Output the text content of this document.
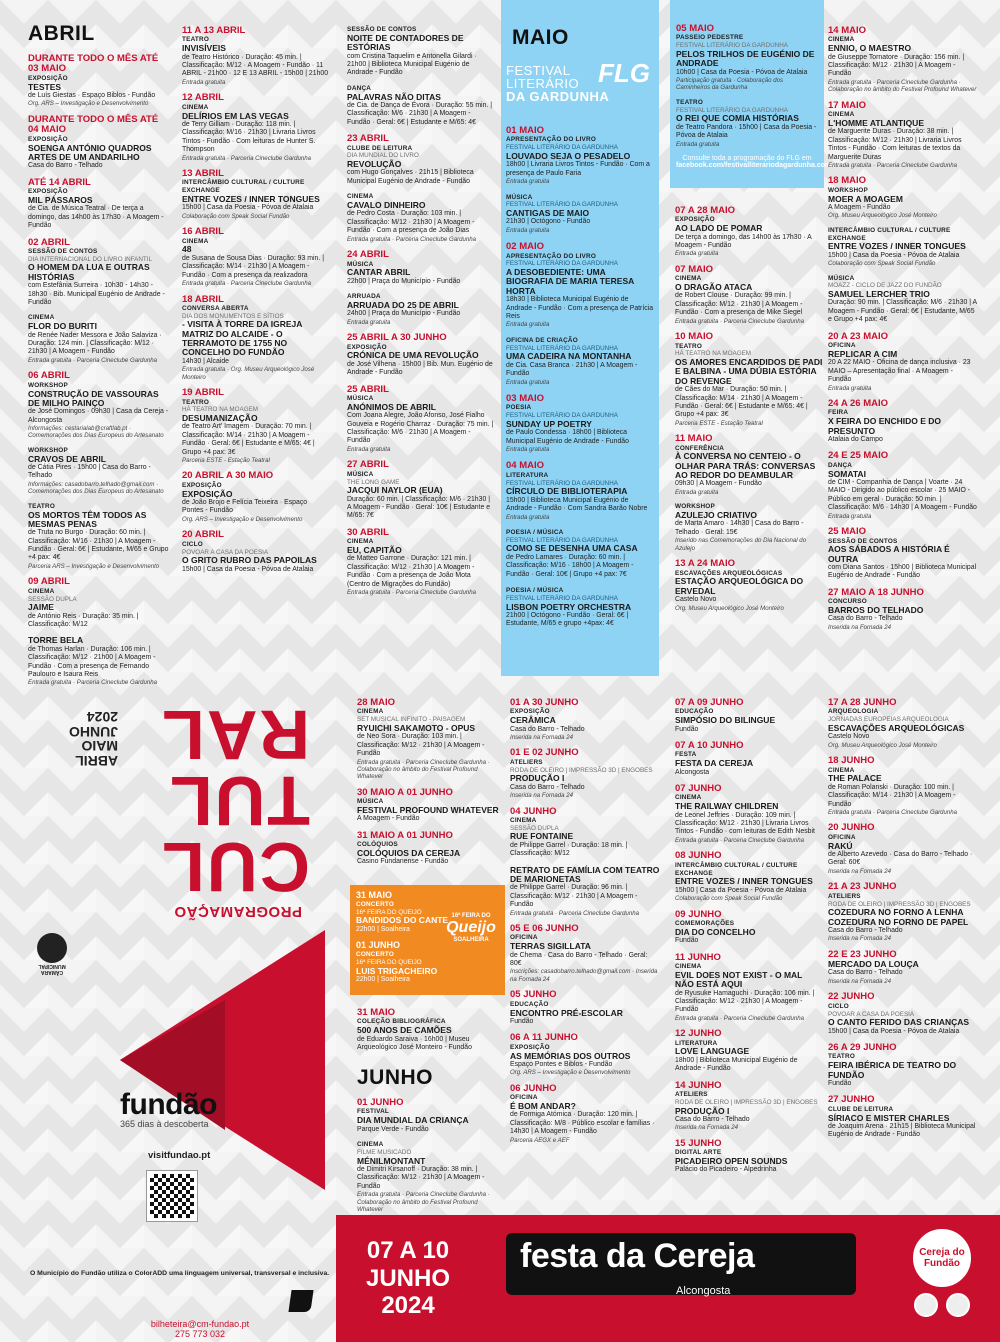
ABRIL
DURANTE TODO O MÊS ATÉ 03 MAIO
EXPOSIÇÃO
TESTES
de Luís Giestas · Espaço Biblos - Fundão
Org. ARS – Investigação e Desenvolvimento
DURANTE TODO O MÊS ATÉ 04 MAIO
EXPOSIÇÃO
SOENGA ANTÓNIO QUADROS ARTES DE UM ANDARILHO
Casa do Barro - Telhado
ATÉ 14 ABRIL
EXPOSIÇÃO
MIL PÁSSAROS
de Cia. de Música Teatral · De terça a domingo, das 14h00 às 17h30 · A Moagem - Fundão
02 ABRIL
SESSÃO DE CONTOS
DIA INTERNACIONAL DO LIVRO INFANTIL
O HOMEM DA LUA E OUTRAS HISTÓRIAS
com Estefânia Surreira · 10h30 - 14h30 - 18h30 · Bib. Municipal Eugénio de Andrade - Fundão
CINEMA
FLOR DO BURITI
de Renée Nader Messora e João Salaviza · Duração: 124 min. | Classificação: M/12 · 21h30 | A Moagem - Fundão
Entrada gratuita · Parceria Cineclube Gardunha
06 ABRIL
WORKSHOP
CONSTRUÇÃO DE VASSOURAS DE MILHO PAINÇO
de José Domingos · 09h30 | Casa da Cereja - Alcongosta
Informações: cestarialab@craftlab.pt · Comemorações dos Dias Europeus do Artesanato
WORKSHOP
CRAVOS DE ABRIL
de Cátia Pires · 15h00 | Casa do Barro - Telhado
Informações: casadobarro.telhado@gmail.com · Comemorações dos Dias Europeus do Artesanato
TEATRO
OS MORTOS TÊM TODOS AS MESMAS PENAS
de Truta no Burgo · Duração: 60 min. | Classificação: M/16 · 21h30 | A Moagem - Fundão · Geral: 6€ | Estudante, M/65 e Grupo +4 pax: 4€
Parceria ARS – Investigação e Desenvolvimento
09 ABRIL
CINEMA
SESSÃO DUPLA
JAIME
de António Reis · Duração: 35 min. | Classificação: M/12
TORRE BELA
de Thomas Harlan · Duração: 106 min. | Classificação: M/12 · 21h00 | A Moagem - Fundão · Com a presença de Fernando Paulouro e Isaura Reis
Entrada gratuita · Parceria Cineclube Gardunha
11 A 13 ABRIL
TEATRO
INVISÍVEIS
de Teatro Histórico · Duração: 45 min. | Classificação: M/12 · A Moagem - Fundão · 11 ABRIL - 21h00 · 12 E 13 ABRIL - 15h00 | 21h00
Entrada gratuita
12 ABRIL
CINEMA
DELÍRIOS EM LAS VEGAS
de Terry Gilliam · Duração: 118 min. | Classificação: M/16 · 21h30 | Livraria Livros Tintos - Fundão · Com leituras de Hunter S. Thompson
Entrada gratuita · Parceria Cineclube Gardunha
13 ABRIL
INTERCÂMBIO CULTURAL / CULTURE EXCHANGE
ENTRE VOZES / INNER TONGUES
15h00 | Casa da Poesia - Póvoa de Atalaia
Colaboração com Speak Social Fundão
16 ABRIL
CINEMA
48
de Susana de Sousa Dias · Duração: 93 min. | Classificação: M/14 · 21h30 | A Moagem - Fundão · Com a presença da realizadora
Entrada gratuita · Parceria Cineclube Gardunha
18 ABRIL
CONVERSA ABERTA
DIA DOS MONUMENTOS E SÍTIOS
- VISITA À TORRE DA IGREJA MATRIZ DO ALCAIDE - O TERRAMOTO DE 1755 NO CONCELHO DO FUNDÃO
14h30 | Alcaide
Entrada gratuita · Org. Museu Arqueológico José Monteiro
19 ABRIL
TEATRO
HÁ TEATRO NA MOAGEM
DESUMANIZAÇÃO
de Teatro Art' Imagem · Duração: 70 min. | Classificação: M/14 · 21h30 | A Moagem - Fundão · Geral: 6€ | Estudante e M/65: 4€ | Grupo +4 pax: 3€
Parceria ESTE - Estação Teatral
20 ABRIL A 30 MAIO
EXPOSIÇÃO
EXPOSIÇÃO
de João Brojo e Felícia Teixeira · Espaço Pontes - Fundão
Org. ARS – Investigação e Desenvolvimento
20 ABRIL
CICLO
POVOAR A CASA DA POESIA
O GRITO RUBRO DAS PAPOILAS
15h00 | Casa da Poesia - Póvoa de Atalaia
SESSÃO DE CONTOS
NOITE DE CONTADORES DE ESTÓRIAS
com Cristina Taquelim e Antonella Gilardi · 21h00 | Biblioteca Municipal Eugénio de Andrade - Fundão
DANÇA
PALAVRAS NÃO DITAS
de Cia. de Dança de Évora · Duração: 55 min. | Classificação: M/6 · 21h30 | A Moagem - Fundão · Geral: 6€ | Estudante e M/65: 4€
23 ABRIL
CLUBE DE LEITURA
DIA MUNDIAL DO LIVRO
REVOLUÇÃO
com Hugo Gonçalves · 21h15 | Biblioteca Municipal Eugénio de Andrade - Fundão
CINEMA
CAVALO DINHEIRO
de Pedro Costa · Duração: 103 min. | Classificação: M/12 · 21h30 | A Moagem - Fundão · Com a presença de João Dias
Entrada gratuita · Parceria Cineclube Gardunha
24 ABRIL
MÚSICA
CANTAR ABRIL
22h00 | Praça do Município - Fundão
ARRUADA
ARRUADA DO 25 DE ABRIL
24h00 | Praça do Município - Fundão
Entrada gratuita
25 ABRIL A 30 JUNHO
EXPOSIÇÃO
CRÓNICA DE UMA REVOLUÇÃO
de José Vilhena · 15h00 | Bib. Mun. Eugénio de Andrade - Fundão
25 ABRIL
MÚSICA
ANÓNIMOS DE ABRIL
Com Joana Alegre, João Afonso, José Fialho Gouveia e Rogério Charraz · Duração: 75 min. | Classificação: M/6 · 21h30 | A Moagem - Fundão
Entrada gratuita
27 ABRIL
MÚSICA
THE LONG GAME
JACQUI NAYLOR (EUA)
Duração: 60 min. | Classificação: M/6 · 21h30 | A Moagem - Fundão · Geral: 10€ | Estudante e M/65: 7€
30 ABRIL
CINEMA
EU, CAPITÃO
de Matteo Garrone · Duração: 121 min. | Classificação: M/12 · 21h30 | A Moagem - Fundão · Com a presença de João Mota (Centro de Migrações do Fundão)
Entrada gratuita · Parceria Cineclube Gardunha
MAIO
FESTIVAL
LITERÁRIO
DA GARDUNHA
FLG
01 MAIO
APRESENTAÇÃO DO LIVRO
FESTIVAL LITERÁRIO DA GARDUNHA
LOUVADO SEJA O PESADELO
18h00 | Livraria Livros Tintos - Fundão · Com a presença de Paulo Faria
Entrada gratuita
MÚSICA
FESTIVAL LITERÁRIO DA GARDUNHA
CANTIGAS DE MAIO
21h30 | Octógono - Fundão
Entrada gratuita
02 MAIO
APRESENTAÇÃO DO LIVRO
FESTIVAL LITERÁRIO DA GARDUNHA
A DESOBEDIENTE: UMA BIOGRAFIA DE MARIA TERESA HORTA
18h30 | Biblioteca Municipal Eugénio de Andrade - Fundão · Com a presença de Patrícia Reis
Entrada gratuita
OFICINA DE CRIAÇÃO
FESTIVAL LITERÁRIO DA GARDUNHA
UMA CADEIRA NA MONTANHA
de Cia. Casa Branca · 21h30 | A Moagem - Fundão
Entrada gratuita
03 MAIO
POESIA
FESTIVAL LITERÁRIO DA GARDUNHA
SUNDAY UP POETRY
de Paulo Condessa · 18h00 | Biblioteca Municipal Eugénio de Andrade - Fundão
Entrada gratuita
04 MAIO
LITERATURA
FESTIVAL LITERÁRIO DA GARDUNHA
CÍRCULO DE BIBLIOTERAPIA
15h00 | Biblioteca Municipal Eugénio de Andrade - Fundão · Com Sandra Barão Nobre
Entrada gratuita
POESIA / MÚSICA
FESTIVAL LITERÁRIO DA GARDUNHA
COMO SE DESENHA UMA CASA
de Pedro Lamares · Duração: 60 min. | Classificação: M/16 · 18h00 | A Moagem - Fundão · Geral: 10€ | Grupo +4 pax: 7€
POESIA / MÚSICA
FESTIVAL LITERÁRIO DA GARDUNHA
LISBON POETRY ORCHESTRA
21h00 | Octógono - Fundão · Geral: 6€ | Estudante, M/65 e grupo +4pax: 4€
05 MAIO
PASSEIO PEDESTRE
FESTIVAL LITERÁRIO DA GARDUNHA
PELOS TRILHOS DE EUGÉNIO DE ANDRADE
10h00 | Casa da Poesia - Póvoa de Atalaia
Participação gratuita · Colaboração dos Caminheiros da Gardunha
TEATRO
FESTIVAL LITERÁRIO DA GARDUNHA
O REI QUE COMIA HISTÓRIAS
de Teatro Pandora · 15h00 | Casa da Poesia - Póvoa de Atalaia
Entrada gratuita
Consulte toda a programação do FLG em
facebook.com/festivalliterariodagardunha.com
07 A 28 MAIO
EXPOSIÇÃO
AO LADO DE POMAR
De terça a domingo, das 14h00 às 17h30 · A Moagem - Fundão
Entrada gratuita
07 MAIO
CINEMA
O DRAGÃO ATACA
de Robert Clouse · Duração: 99 min. | Classificação: M/12 · 21h30 | A Moagem - Fundão · Com a presença de Mike Siegel
Entrada gratuita · Parceria Cineclube Gardunha
10 MAIO
TEATRO
HÁ TEATRO NA MOAGEM
OS AMORES ENCARDIDOS DE PADI E BALBINA - UMA DÚBIA ESTÓRIA DO REVENGE
de Cães do Mar · Duração: 50 min. | Classificação: M/14 · 21h30 | A Moagem - Fundão · Geral: 6€ | Estudante e M/65: 4€ | Grupo +4 pax: 3€
Parceria ESTE - Estação Teatral
11 MAIO
CONFERÊNCIA
À CONVERSA NO CENTEIO - O OLHAR PARA TRÁS: CONVERSAS AO REDOR DO DEAMBULAR
09h30 | A Moagem - Fundão
Entrada gratuita
WORKSHOP
AZULEJO CRIATIVO
de Marta Amaro · 14h30 | Casa do Barro - Telhado · Geral: 15€
Inserido nas Comemorações do Dia Nacional do Azulejo
13 A 24 MAIO
ESCAVAÇÕES ARQUEOLÓGICAS
ESTAÇÃO ARQUEOLÓGICA DO ERVEDAL
Castelo Novo
Org. Museu Arqueológico José Monteiro
14 MAIO
CINEMA
ENNIO, O MAESTRO
de Giuseppe Tornatore · Duração: 156 min. | Classificação: M/12 · 21h30 | A Moagem - Fundão
Entrada gratuita · Parceria Cineclube Gardunha · Colaboração no âmbito do Festival Profound Whatever
17 MAIO
CINEMA
L'HOMME ATLANTIQUE
de Marguerite Duras · Duração: 38 min. | Classificação: M/12 · 21h30 | Livraria Livros Tintos - Fundão · Com leituras de textos da Marguerite Duras
Entrada gratuita · Parceria Cineclube Gardunha
18 MAIO
WORKSHOP
MOER A MOAGEM
A Moagem - Fundão
Org. Museu Arqueológico José Monteiro
INTERCÂMBIO CULTURAL / CULTURE EXCHANGE
ENTRE VOZES / INNER TONGUES
15h00 | Casa da Poesia - Póvoa de Atalaia
Colaboração com Speak Social Fundão
MÚSICA
MOAZZ - CICLO DE JAZZ DO FUNDÃO
SAMUEL LERCHER TRIO
Duração: 90 min. | Classificação: M/6 · 21h30 | A Moagem - Fundão · Geral: 6€ | Estudante, M/65 e Grupo +4 pax: 4€
20 A 23 MAIO
OFICINA
REPLICAR A CIM
20 A 22 MAIO - Oficina de dança inclusiva · 23 MAIO – Apresentação final · A Moagem - Fundão
Entrada gratuita
24 A 26 MAIO
FEIRA
X FEIRA DO ENCHIDO E DO PRESUNTO
Atalaia do Campo
24 E 25 MAIO
DANÇA
SOMATAI
de CIM - Companhia de Dança | Voarte · 24 MAIO - Dirigido ao público escolar · 25 MAIO - Público em geral · Duração: 50 min. | Classificação: M/6 · 14h30 | A Moagem - Fundão
Entrada gratuita
25 MAIO
SESSÃO DE CONTOS
AOS SÁBADOS A HISTÓRIA É OUTRA
com Diana Santos · 15h00 | Biblioteca Municipal Eugénio de Andrade - Fundão
27 MAIO A 18 JUNHO
CONCURSO
BARROS DO TELHADO
Casa do Barro - Telhado
Inserida na Fornada 24
PROGRAMAÇÃO
CUL
TUL
RAL
ABRIL
MAIO
JUNHO
2024
CÂMARA MUNICIPAL
fundão
365 dias à descoberta
visitfundao.pt
O Município do Fundão utiliza o ColorADD uma linguagem universal, transversal e inclusiva.
bilheteira@cm-fundao.pt
275 773 032
28 MAIO
CINEMA
SET MUSICAL INFINITO - PAISAGEM
RYUICHI SAKAMOTO - OPUS
de Neo Sora · Duração: 103 min. | Classificação: M/12 · 21h30 | A Moagem - Fundão
Entrada gratuita · Parceria Cineclube Gardunha · Colaboração no âmbito do Festival Profound Whatever
30 MAIO A 01 JUNHO
MÚSICA
FESTIVAL PROFOUND WHATEVER
A Moagem - Fundão
31 MAIO A 01 JUNHO
COLÓQUIOS
COLÓQUIOS DA CEREJA
Casino Fundanense - Fundão
31 MAIO
CONCERTO
16ª FEIRA DO QUEIJO
BANDIDOS DO CANTE
22h00 | Soalheira
01 JUNHO
CONCERTO
16ª FEIRA DO QUEIJO
LUIS TRIGACHEIRO
22h00 | Soalheira
16ª FEIRA DO
Queijo
SOALHEIRA
31 MAIO
COLEÇÃO BIBLIOGRÁFICA
500 ANOS DE CAMÕES
de Eduardo Saraiva · 16h00 | Museu Arqueológico José Monteiro - Fundão
JUNHO
01 JUNHO
FESTIVAL
DIA MUNDIAL DA CRIANÇA
Parque Verde - Fundão
CINEMA
FILME MUSICADO
MÉNILMONTANT
de Dimitri Kirsanoff · Duração: 38 min. | Classificação: M/12 · 21h30 | A Moagem - Fundão
Entrada gratuita · Parceria Cineclube Gardunha · Colaboração no âmbito do Festival Profound Whatever
01 A 30 JUNHO
EXPOSIÇÃO
CERÂMICA
Casa do Barro - Telhado
Inserida na Fornada 24
01 E 02 JUNHO
ATELIERS
RODA DE OLEIRO | IMPRESSÃO 3D | ENGOBES
PRODUÇÃO I
Casa do Barro - Telhado
Inserida na Fornada 24
04 JUNHO
CINEMA
SESSÃO DUPLA
RUE FONTAINE
de Philippe Garrel · Duração: 18 min. | Classificação: M/12
RETRATO DE FAMÍLIA COM TEATRO DE MARIONETAS
de Philippe Garrel · Duração: 96 min. | Classificação: M/12 · 21h30 | A Moagem - Fundão
Entrada gratuita · Parceria Cineclube Gardunha
05 E 06 JUNHO
OFICINA
TERRAS SIGILLATA
de Chema · Casa do Barro - Telhado · Geral: 80€
Inscrições: casadobarro.telhado@gmail.com · Inserida na Fornada 24
05 JUNHO
EDUCAÇÃO
ENCONTRO PRÉ-ESCOLAR
Fundão
06 A 11 JUNHO
EXPOSIÇÃO
AS MEMÓRIAS DOS OUTROS
Espaço Pontes e Biblos - Fundão
Org. ARS – Investigação e Desenvolvimento
06 JUNHO
OFICINA
É BOM ANDAR?
de Formiga Atómica · Duração: 120 min. | Classificação: M/8 · Público escolar e famílias · 14h30 | A Moagem - Fundão
Parceria AEGX e AEF
07 A 09 JUNHO
EDUCAÇÃO
SIMPÓSIO DO BILINGUE
Fundão
07 A 10 JUNHO
FESTA
FESTA DA CEREJA
Alcongosta
07 JUNHO
CINEMA
THE RAILWAY CHILDREN
de Leonel Jeffries · Duração: 109 min. | Classificação: M/12 · 21h30 | Livraria Livros Tintos - Fundão · com leituras de Edith Nesbit
Entrada gratuita · Parceria Cineclube Gardunha
08 JUNHO
INTERCÂMBIO CULTURAL / CULTURE EXCHANGE
ENTRE VOZES / INNER TONGUES
15h00 | Casa da Poesia - Póvoa de Atalaia
Colaboração com Speak Social Fundão
09 JUNHO
COMEMORAÇÕES
DIA DO CONCELHO
Fundão
11 JUNHO
CINEMA
EVIL DOES NOT EXIST - O MAL NÃO ESTÁ AQUI
de Ryusuke Hamaguchi · Duração: 106 min. | Classificação: M/12 · 21h30 | A Moagem - Fundão
Entrada gratuita · Parceria Cineclube Gardunha
12 JUNHO
LITERATURA
LOVE LANGUAGE
18h00 | Biblioteca Municipal Eugénio de Andrade - Fundão
14 JUNHO
ATELIERS
RODA DE OLEIRO | IMPRESSÃO 3D | ENGOBES
PRODUÇÃO I
Casa do Barro - Telhado
Inserida na Fornada 24
15 JUNHO
DIGITAL ARTE
PICADEIRO OPEN SOUNDS
Palácio do Picadeiro - Alpedrinha
17 A 28 JUNHO
ARQUEOLOGIA
JORNADAS EUROPEIAS ARQUEOLOGIA
ESCAVAÇÕES ARQUEOLÓGICAS
Castelo Novo
Org. Museu Arqueológico José Monteiro
18 JUNHO
CINEMA
THE PALACE
de Roman Polanski · Duração: 100 min. | Classificação: M/14 · 21h30 | A Moagem - Fundão
Entrada gratuita · Parceria Cineclube Gardunha
20 JUNHO
OFICINA
RAKÚ
de Alberto Azevedo · Casa do Barro - Telhado · Geral: 60€
Inserida na Fornada 24
21 A 23 JUNHO
ATELIERS
RODA DE OLEIRO | IMPRESSÃO 3D | ENGOBES
COZEDURA NO FORNO A LENHA COZEDURA NO FORNO DE PAPEL
Casa do Barro - Telhado
Inserida na Fornada 24
22 E 23 JUNHO
MERCADO DA LOUÇA
Casa do Barro - Telhado
Inserida na Fornada 24
22 JUNHO
CICLO
POVOAR A CASA DA POESIA
O CANTO FERIDO DAS CRIANÇAS
15h00 | Casa da Poesia - Póvoa de Atalaia
26 A 29 JUNHO
TEATRO
FEIRA IBÉRICA DE TEATRO DO FUNDÃO
Fundão
27 JUNHO
CLUBE DE LEITURA
SÍRIACO E MISTER CHARLES
de Joaquim Arena · 21h15 | Biblioteca Municipal Eugénio de Andrade - Fundão
07 A 10
JUNHO
2024
festa da Cereja
Alcongosta
Cereja do Fundão
